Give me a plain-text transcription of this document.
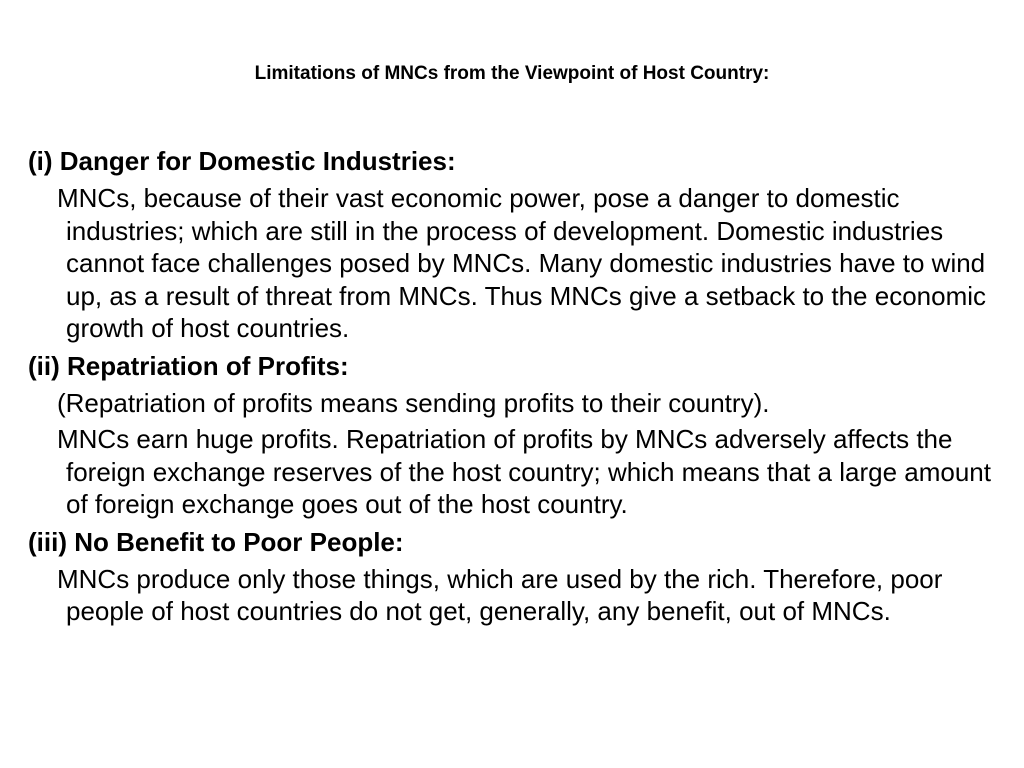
Limitations of MNCs from the Viewpoint of Host Country:
(i) Danger for Domestic Industries:
MNCs, because of their vast economic power, pose a danger to domestic industries; which are still in the process of development. Domestic industries cannot face challenges posed by MNCs. Many domestic industries have to wind up, as a result of threat from MNCs. Thus MNCs give a setback to the economic growth of host countries.
(ii) Repatriation of Profits:
(Repatriation of profits means sending profits to their country).
MNCs earn huge profits. Repatriation of profits by MNCs adversely affects the foreign exchange reserves of the host country; which means that a large amount of foreign exchange goes out of the host country.
(iii) No Benefit to Poor People:
MNCs produce only those things, which are used by the rich. Therefore, poor people of host countries do not get, generally, any benefit, out of MNCs.
